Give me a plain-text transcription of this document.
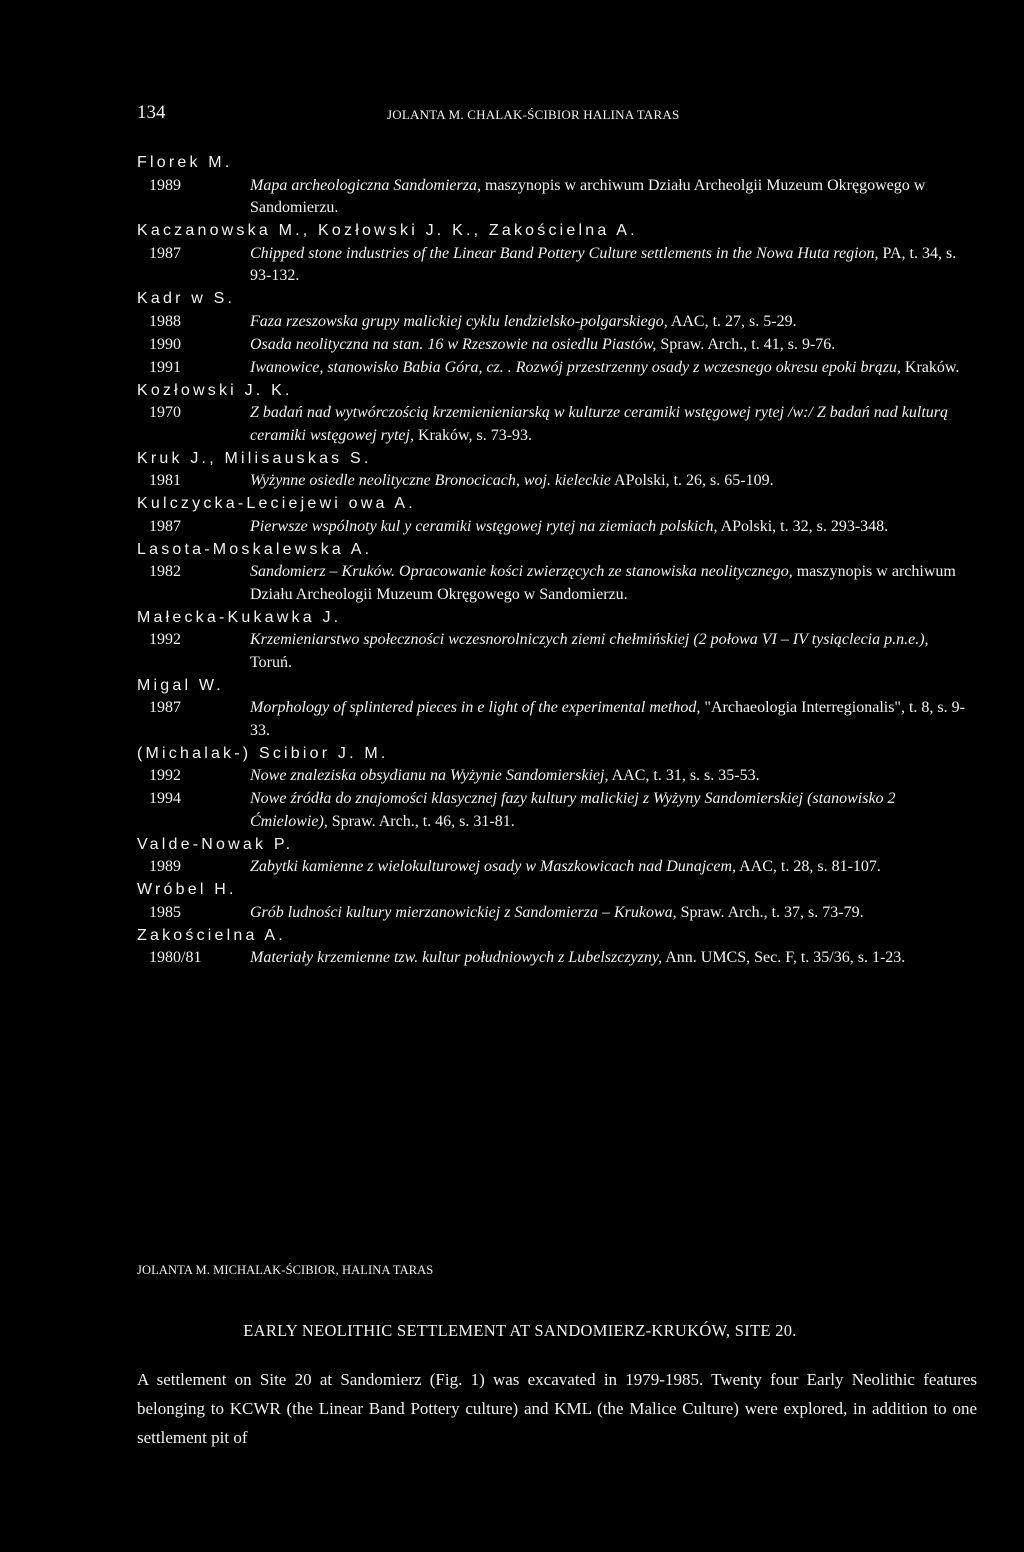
134	JOLANTA M. CHALAK-ŚCIBIOR HALINA TARAS
Florek M.
1989	Mapa archeologiczna Sandomierza, maszynopis w archiwum Działu Archeolgii Muzeum Okręgowego w Sandomierzu.
Kaczanowska M., Kozłowski J. K., Zakościelna A.
1987	Chipped stone industries of the Linear Band Pottery Culture settlements in the Nowa Huta region, PA, t. 34, s. 93-132.
Kadr w S.
1988	Faza rzeszowska grupy malickiej cyklu lendzielsko-polgarskiego, AAC, t. 27, s. 5-29.
1990	Osada neolityczna na stan. 16 w Rzeszowie na osiedlu Piastów, Spraw. Arch., t. 41, s. 9-76.
1991	Iwanowice, stanowisko Babia Góra, cz. . Rozwój przestrzenny osady z wczesnego okresu epoki brązu, Kraków.
Kozłowski J. K.
1970	Z badań nad wytwórczością krzemienieniarską w kulturze ceramiki wstęgowej rytej /w:/ Z badań nad kulturą ceramiki wstęgowej rytej, Kraków, s. 73-93.
Kruk J., Milisauskas S.
1981	Wyżynne osiedle neolityczne Bronocicach, woj. kieleckie APolski, t. 26, s. 65-109.
Kulczycka-Leciejewi owa A.
1987	Pierwsze wspólnoty kul y ceramiki wstęgowej rytej na ziemiach polskich, APolski, t. 32, s. 293-348.
Lasota-Moskalewska A.
1982	Sandomierz – Kruków. Opracowanie kości zwierzęcych ze stanowiska neolitycznego, maszynopis w archiwum Działu Archeologii Muzeum Okręgowego w Sandomierzu.
Małecka-Kukawka J.
1992	Krzemieniarstwo społeczności wczesnorolniczych ziemi chełmińskiej (2 połowa VI – IV tysiąclecia p.n.e.), Toruń.
Migal W.
1987	Morphology of splintered pieces in e light of the experimental method, "Archaeologia Interregionalis", t. 8, s. 9-33.
(Michalak-) Scibior J. M.
1992	Nowe znaleziska obsydianu na Wyżynie Sandomierskiej, AAC, t. 31, s. s. 35-53.
1994	Nowe źródła do znajomości klasycznej fazy kultury malickiej z Wyżyny Sandomierskiej (stanowisko 2 Ćmielowie), Spraw. Arch., t. 46, s. 31-81.
Valde-Nowak P.
1989	Zabytki kamienne z wielokulturowej osady w Maszkowicach nad Dunajcem, AAC, t. 28, s. 81-107.
Wróbel H.
1985	Grób ludności kultury mierzanowickiej z Sandomierza – Krukowa, Spraw. Arch., t. 37, s. 73-79.
Zakościelna A.
1980/81	Materiały krzemienne tzw. kultur południowych z Lubelszczyzny, Ann. UMCS, Sec. F, t. 35/36, s. 1-23.
JOLANTA M. MICHALAK-ŚCIBIOR, HALINA TARAS
EARLY NEOLITHIC SETTLEMENT AT SANDOMIERZ-KRUKÓW, SITE 20.
A settlement on Site 20 at Sandomierz (Fig. 1) was excavated in 1979-1985. Twenty four Early Neolithic features belonging to KCWR (the Linear Band Pottery culture) and KML (the Malice Culture) were explored, in addition to one settlement pit of
